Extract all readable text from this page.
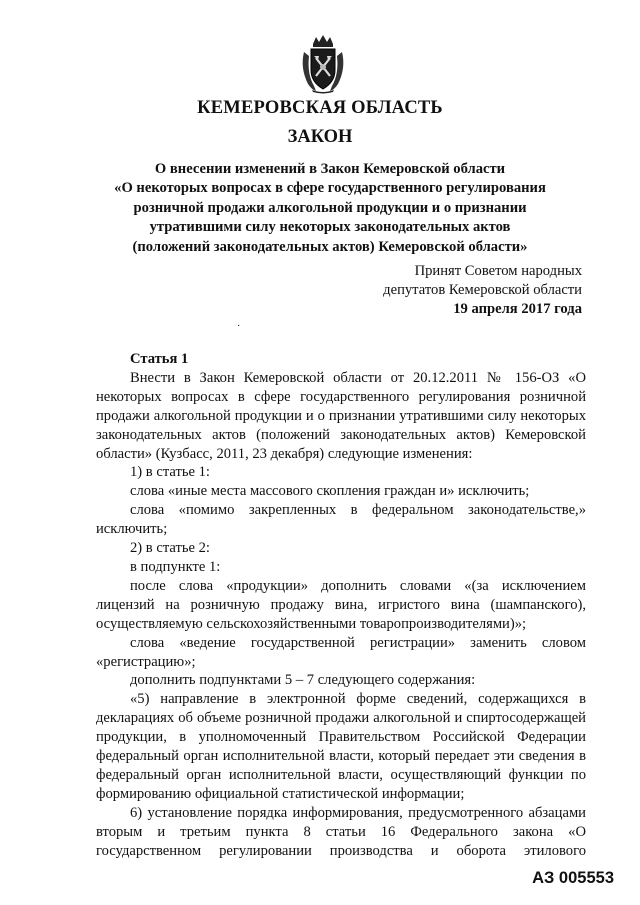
КЕМЕРОВСКАЯ ОБЛАСТЬ
ЗАКОН
О внесении изменений в Закон Кемеровской области
«О некоторых вопросах в сфере государственного регулирования
розничной продажи алкогольной продукции и о признании
утратившими силу некоторых законодательных актов
(положений законодательных актов) Кемеровской области»
Принят Советом народных
депутатов Кемеровской области
19 апреля 2017 года
·

Статья 1

Внести в Закон Кемеровской области от 20.12.2011 № 156-ОЗ «О некоторых вопросах в сфере государственного регулирования розничной продажи алкогольной продукции и о признании утратившими силу некоторых законодательных актов (положений законодательных актов) Кемеровской области» (Кузбасс, 2011, 23 декабря) следующие изменения:

1) в статье 1:

слова «иные места массового скопления граждан и» исключить;

слова «помимо закрепленных в федеральном законодательстве,» исключить;

2) в статье 2:

в подпункте 1:

после слова «продукции» дополнить словами «(за исключением лицензий на розничную продажу вина, игристого вина (шампанского), осуществляемую сельскохозяйственными товаропроизводителями)»;

слова «ведение государственной регистрации» заменить словом «регистрацию»;

дополнить подпунктами 5 – 7 следующего содержания:

«5) направление в электронной форме сведений, содержащихся в декларациях об объеме розничной продажи алкогольной и спиртосодержащей продукции, в уполномоченный Правительством Российской Федерации федеральный орган исполнительной власти, который передает эти сведения в федеральный орган исполнительной власти, осуществляющий функции по формированию официальной статистической информации;

6) установление порядка информирования, предусмотренного абзацами вторым и третьим пункта 8 статьи 16 Федерального закона «О государственном регулировании производства и оборота этилового

АЗ 005553
